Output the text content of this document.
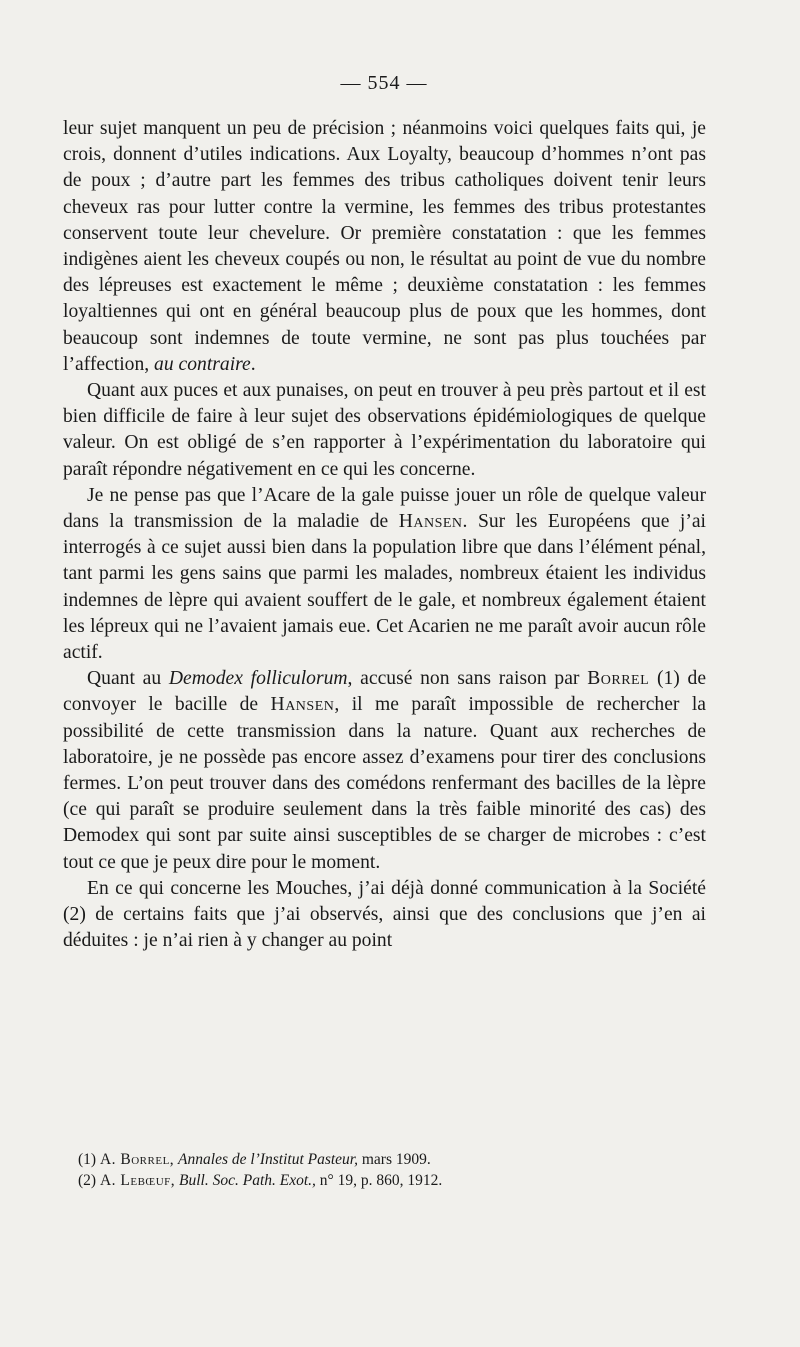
— 554 —

leur sujet manquent un peu de précision ; néanmoins voici quelques faits qui, je crois, donnent d’utiles indications. Aux Loyalty, beaucoup d’hommes n’ont pas de poux ; d’autre part les femmes des tribus catholiques doivent tenir leurs cheveux ras pour lutter contre la vermine, les femmes des tribus protestantes conservent toute leur chevelure. Or première constatation : que les femmes indigènes aient les cheveux coupés ou non, le résultat au point de vue du nombre des lépreuses est exactement le même ; deuxième constatation : les femmes loyaltiennes qui ont en général beaucoup plus de poux que les hommes, dont beaucoup sont indemnes de toute vermine, ne sont pas plus touchées par l’affection, au contraire.

Quant aux puces et aux punaises, on peut en trouver à peu près partout et il est bien difficile de faire à leur sujet des observations épidémiologiques de quelque valeur. On est obligé de s’en rapporter à l’expérimentation du laboratoire qui paraît répondre négativement en ce qui les concerne.

Je ne pense pas que l’Acare de la gale puisse jouer un rôle de quelque valeur dans la transmission de la maladie de Hansen. Sur les Européens que j’ai interrogés à ce sujet aussi bien dans la population libre que dans l’élément pénal, tant parmi les gens sains que parmi les malades, nombreux étaient les individus indemnes de lèpre qui avaient souffert de le gale, et nombreux également étaient les lépreux qui ne l’avaient jamais eue. Cet Acarien ne me paraît avoir aucun rôle actif.

Quant au Demodex folliculorum, accusé non sans raison par Borrel (1) de convoyer le bacille de Hansen, il me paraît impossible de rechercher la possibilité de cette transmission dans la nature. Quant aux recherches de laboratoire, je ne possède pas encore assez d’examens pour tirer des conclusions fermes. L’on peut trouver dans des comédons renfermant des bacilles de la lèpre (ce qui paraît se produire seulement dans la très faible minorité des cas) des Demodex qui sont par suite ainsi susceptibles de se charger de microbes : c’est tout ce que je peux dire pour le moment.

En ce qui concerne les Mouches, j’ai déjà donné communication à la Société (2) de certains faits que j’ai observés, ainsi que des conclusions que j’en ai déduites : je n’ai rien à y changer au point

(1) A. Borrel, Annales de l’Institut Pasteur, mars 1909.

(2) A. Lebœuf, Bull. Soc. Path. Exot., n° 19, p. 860, 1912.
